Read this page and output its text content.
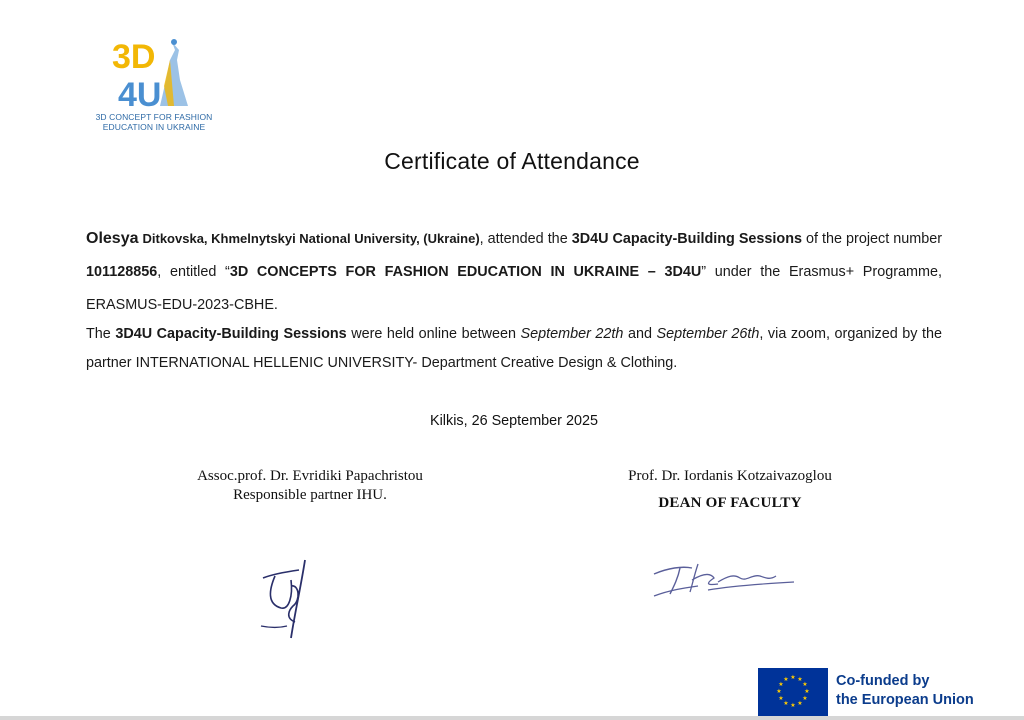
3D
4U
3D CONCEPT FOR FASHION
EDUCATION IN UKRAINE
Certificate of Attendance

Olesya Ditkovska, Khmelnytskyi National University, (Ukraine), attended the 3D4U Capacity-Building Sessions of the project number 101128856, entitled “3D CONCEPTS FOR FASHION EDUCATION IN UKRAINE – 3D4U” under the Erasmus+ Programme, ERASMUS-EDU-2023-CBHE.

The 3D4U Capacity-Building Sessions were held online between September 22th and September 26th, via zoom, organized by the partner INTERNATIONAL HELLENIC UNIVERSITY- Department Creative Design & Clothing.

Kilkis, 26 September 2025
Assoc.prof. Dr. Evridiki Papachristou
Responsible partner IHU.
Prof. Dr. Iordanis Kotzaivazoglou
DEAN OF FACULTY
★ ★
★
★
★
★
★
★
★
★
★
★	Co-funded by
the European Union
